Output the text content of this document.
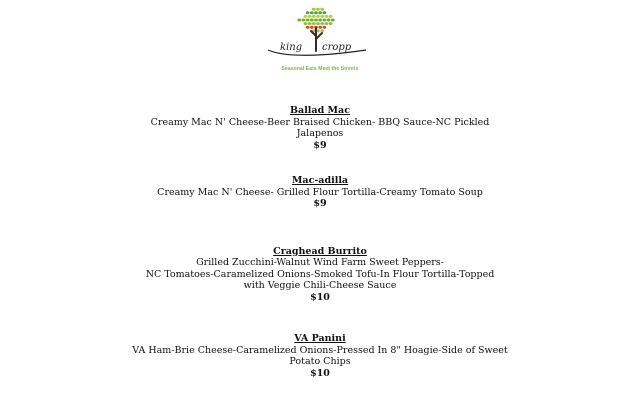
king cropp
Seasonal Eats Meet the Streets
Ballad Mac
Creamy Mac N' Cheese-Beer Braised Chicken- BBQ Sauce-NC Pickled
Jalapenos
$9
Mac-adilla
Creamy Mac N' Cheese- Grilled Flour Tortilla-Creamy Tomato Soup
$9
Craghead Burrito
Grilled Zucchini-Walnut Wind Farm Sweet Peppers-
NC Tomatoes-Caramelized Onions-Smoked Tofu-In Flour Tortilla-Topped
with Veggie Chili-Cheese Sauce
$10
VA Panini
VA Ham-Brie Cheese-Caramelized Onions-Pressed In 8" Hoagie-Side of Sweet
Potato Chips
$10
